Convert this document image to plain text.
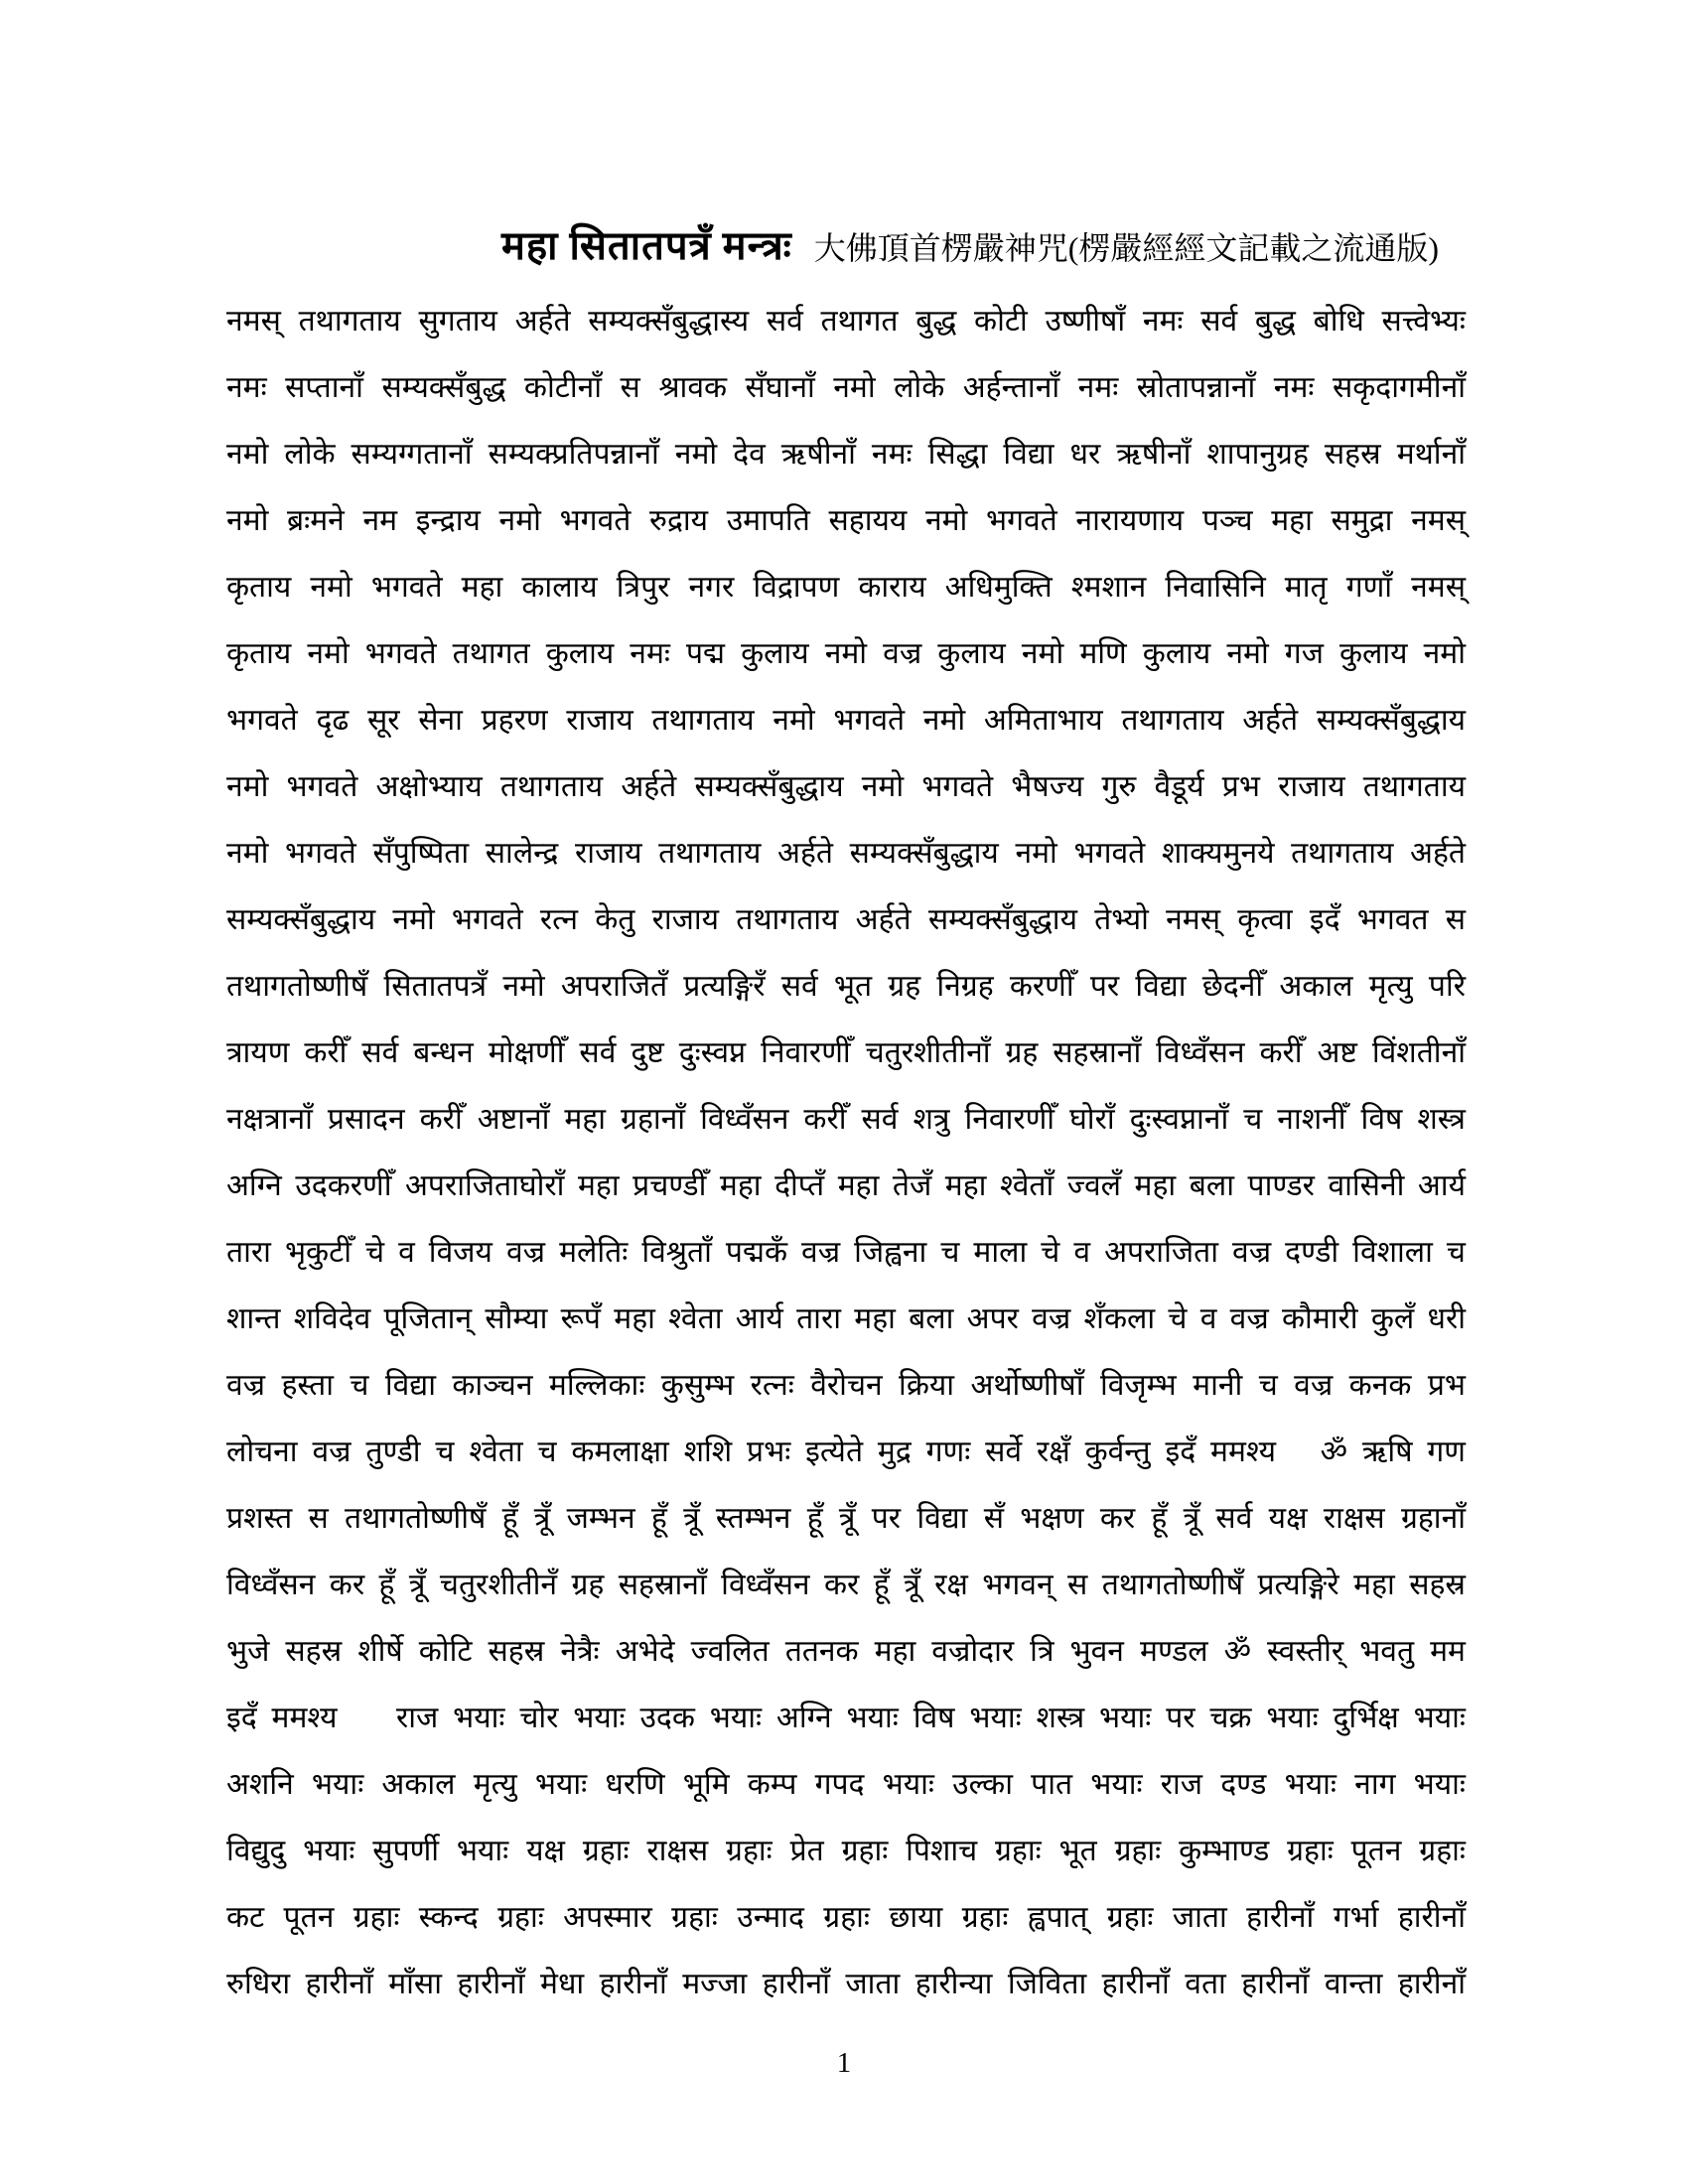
महा सितातपत्रँ मन्त्रः 大佛頂首楞嚴神咒(楞嚴經經文記載之流通版)
नमस् तथागताय सुगताय अर्हते सम्यक्सँबुद्धास्य सर्व तथागत बुद्ध कोटी उष्णीषाँ नमः सर्व बुद्ध बोधि सत्त्वेभ्यः
नमः सप्तानाँ सम्यक्सँबुद्ध कोटीनाँ स श्रावक सँघानाँ नमो लोके अर्हन्तानाँ नमः स्रोतापन्नानाँ नमः सकृदागमीनाँ
नमो लोके सम्यग्गतानाँ सम्यक्प्रतिपन्नानाँ नमो देव ऋषीनाँ नमः सिद्धा विद्या धर ऋषीनाँ शापानुग्रह सहस्र मर्थानाँ
नमो ब्रःमने नम इन्द्राय नमो भगवते रुद्राय उमापति सहायय नमो भगवते नारायणाय पञ्च महा समुद्रा नमस्
कृताय नमो भगवते महा कालाय त्रिपुर नगर विद्रापण काराय अधिमुक्ति श्मशान निवासिनि मातृ गणाँ नमस्
कृताय नमो भगवते तथागत कुलाय नमः पद्म कुलाय नमो वज्र कुलाय नमो मणि कुलाय नमो गज कुलाय नमो
भगवते दृढ सूर सेना प्रहरण राजाय तथागताय नमो भगवते नमो अमिताभाय तथागताय अर्हते सम्यक्सँबुद्धाय
नमो भगवते अक्षोभ्याय तथागताय अर्हते सम्यक्सँबुद्धाय नमो भगवते भैषज्य गुरु वैडूर्य प्रभ राजाय तथागताय
नमो भगवते सँपुष्पिता सालेन्द्र राजाय तथागताय अर्हते सम्यक्सँबुद्धाय नमो भगवते शाक्यमुनये तथागताय अर्हते
सम्यक्सँबुद्धाय नमो भगवते रत्न केतु राजाय तथागताय अर्हते सम्यक्सँबुद्धाय तेभ्यो नमस् कृत्वा इदँ भगवत स
तथागतोष्णीषँ सितातपत्रँ नमो अपराजितँ प्रत्यङ्गिरँ सर्व भूत ग्रह निग्रह करणीँ पर विद्या छेदनीँ अकाल मृत्यु परि
त्रायण करीँ सर्व बन्धन मोक्षणीँ सर्व दुष्ट दुःस्वप्न निवारणीँ चतुरशीतीनाँ ग्रह सहस्रानाँ विध्वँसन करीँ अष्ट विंशतीनाँ
नक्षत्रानाँ प्रसादन करीँ अष्टानाँ महा ग्रहानाँ विध्वँसन करीँ सर्व शत्रु निवारणीँ घोराँ दुःस्वप्नानाँ च नाशनीँ विष शस्त्र
अग्नि उदकरणीँ अपराजिताघोराँ महा प्रचण्डीँ महा दीप्तँ महा तेजँ महा श्वेताँ ज्वलँ महा बला पाण्डर वासिनी आर्य
तारा भृकुटीँ चे व विजय वज्र मलेतिः विश्रुताँ पद्मकँ वज्र जिह्वना च माला चे व अपराजिता वज्र दण्डी विशाला च
शान्त शविदेव पूजितान् सौम्या रूपँ महा श्वेता आर्य तारा महा बला अपर वज्र शँकला चे व वज्र कौमारी कुलँ धरी
वज्र हस्ता च विद्या काञ्चन मल्लिकाः कुसुम्भ रत्नः वैरोचन क्रिया अर्थोष्णीषाँ विजृम्भ मानी च वज्र कनक प्रभ
लोचना वज्र तुण्डी च श्वेता च कमलाक्षा शशि प्रभः इत्येते मुद्र गणः सर्वे रक्षँ कुर्वन्तु इदँ ममश्य   ॐ ऋषि गण
प्रशस्त स तथागतोष्णीषँ हूँ त्रूँ जम्भन हूँ त्रूँ स्तम्भन हूँ त्रूँ पर विद्या सँ भक्षण कर हूँ त्रूँ सर्व यक्ष राक्षस ग्रहानाँ
विध्वँसन कर हूँ त्रूँ चतुरशीतीनँ ग्रह सहस्रानाँ विध्वँसन कर हूँ त्रूँ रक्ष भगवन् स तथागतोष्णीषँ प्रत्यङ्गिरे महा सहस्र
भुजे सहस्र शीर्षे कोटि सहस्र नेत्रैः अभेदे ज्वलित ततनक महा वज्रोदार त्रि भुवन मण्डल ॐ स्वस्तीर् भवतु मम
इदँ ममश्य    राज भयाः चोर भयाः उदक भयाः अग्नि भयाः विष भयाः शस्त्र भयाः पर चक्र भयाः दुर्भिक्ष भयाः
अशनि भयाः अकाल मृत्यु भयाः धरणि भूमि कम्प गपद भयाः उल्का पात भयाः राज दण्ड भयाः नाग भयाः
विद्युदु भयाः सुपर्णी भयाः यक्ष ग्रहाः राक्षस ग्रहाः प्रेत ग्रहाः पिशाच ग्रहाः भूत ग्रहाः कुम्भाण्ड ग्रहाः पूतन ग्रहाः
कट पूतन ग्रहाः स्कन्द ग्रहाः अपस्मार ग्रहाः उन्माद ग्रहाः छाया ग्रहाः ह्वपात् ग्रहाः जाता हारीनाँ गर्भा हारीनाँ
रुधिरा हारीनाँ माँसा हारीनाँ मेधा हारीनाँ मज्जा हारीनाँ जाता हारीन्या जिविता हारीनाँ वता हारीनाँ वान्ता हारीनाँ
1
